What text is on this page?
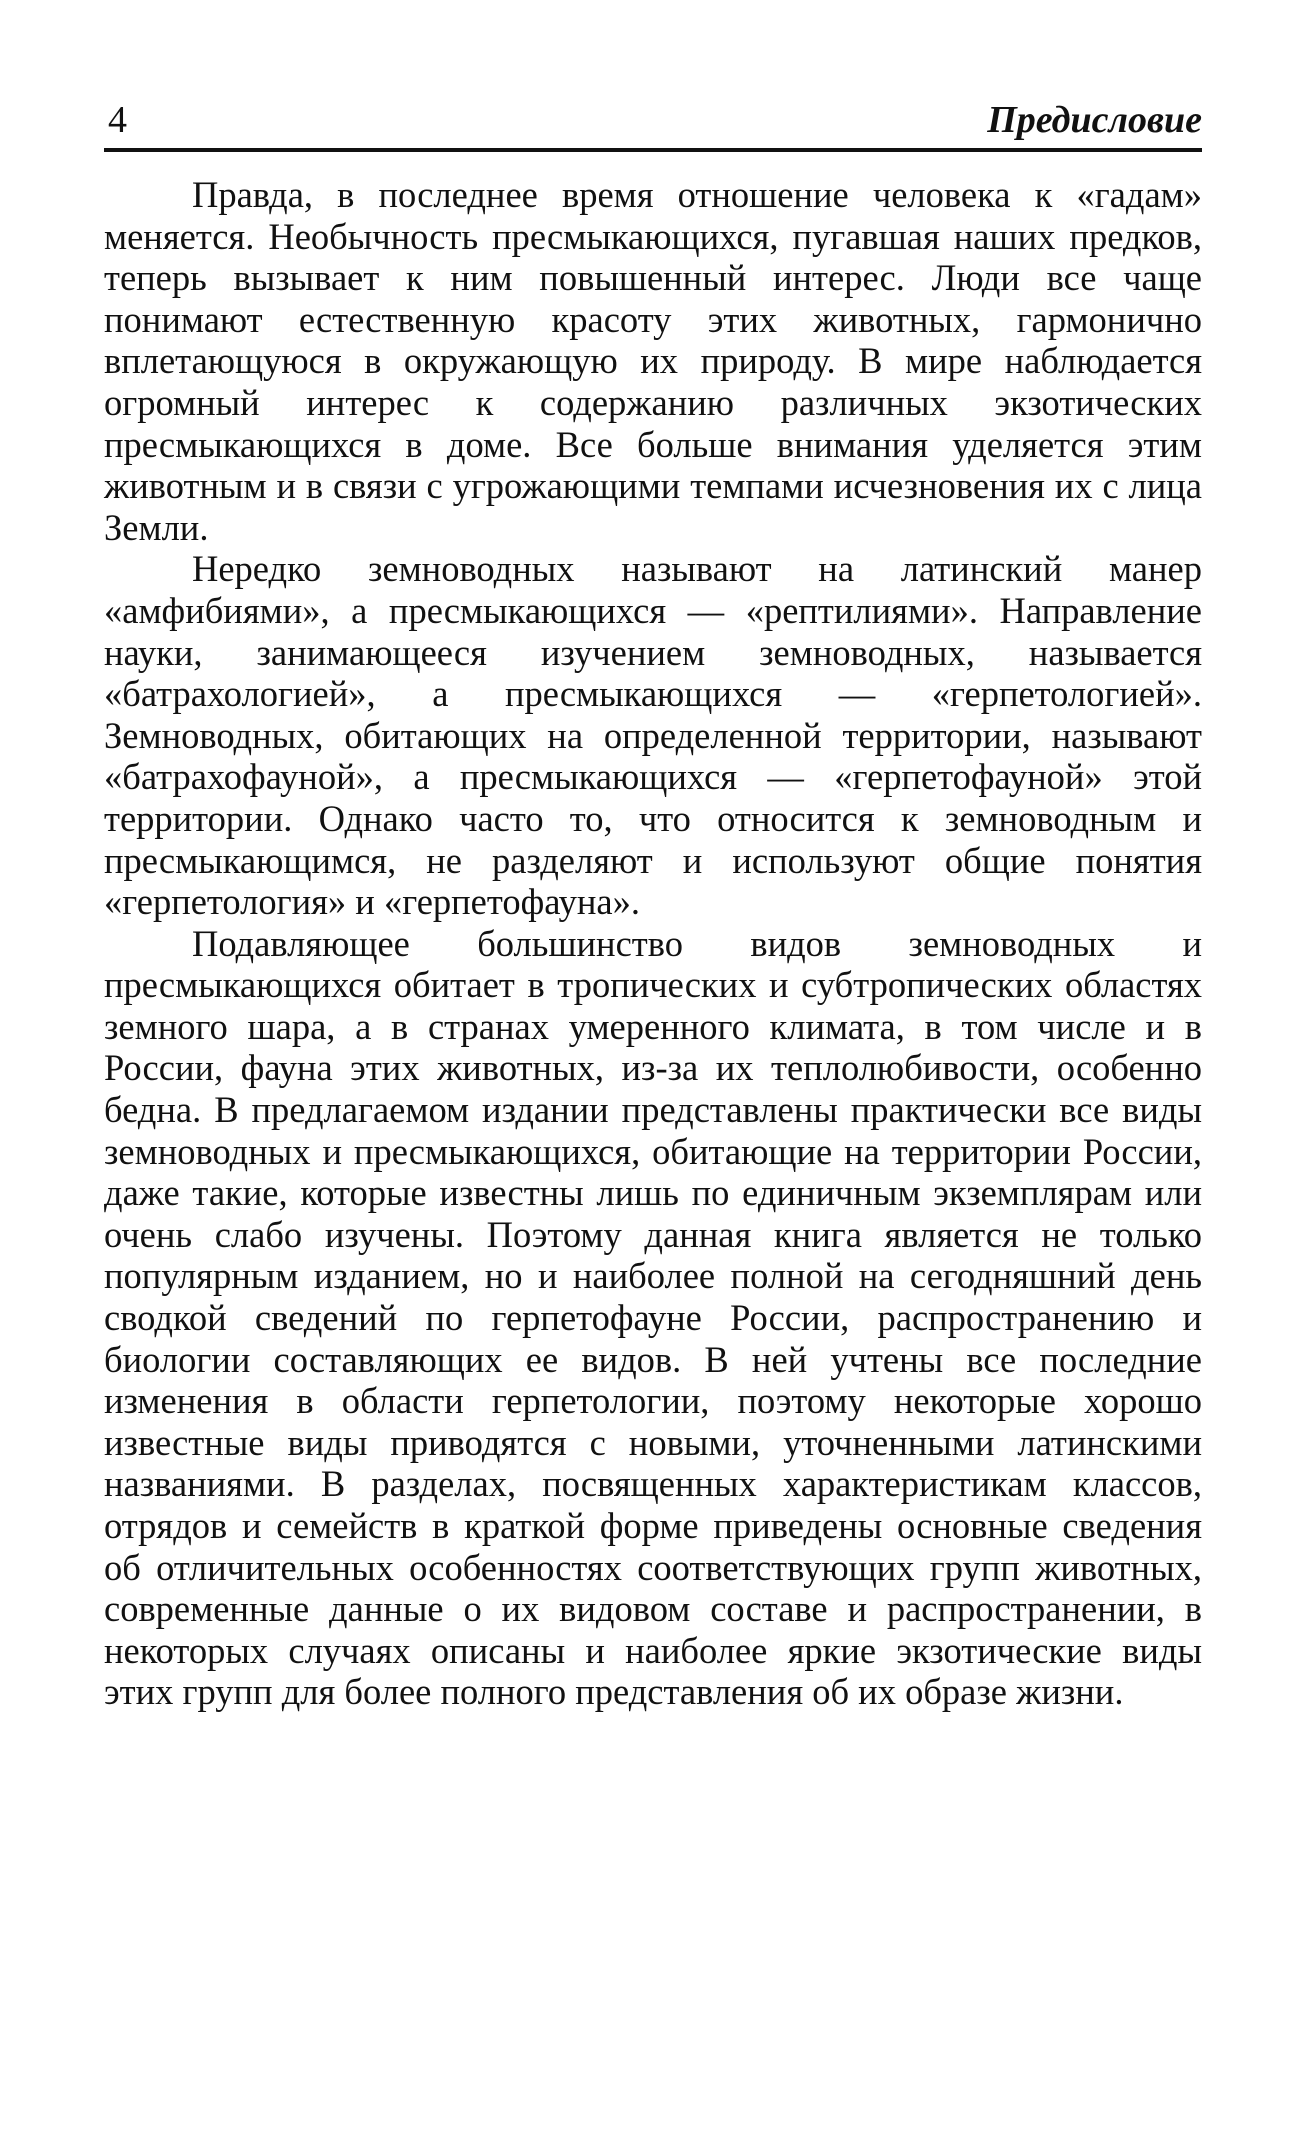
4	Предисловие

Правда, в последнее время отношение человека к «гадам» меняется. Необычность пресмыкающихся, пугавшая наших предков, теперь вызывает к ним повышенный интерес. Люди все чаще понимают естественную красоту этих животных, гармонично вплетающуюся в окружающую их природу. В мире наблюдается огромный интерес к содержанию различных экзотических пресмыкающихся в доме. Все больше внимания уделяется этим животным и в связи с угрожающими темпами исчезновения их с лица Земли.

Нередко земноводных называют на латинский манер «амфибиями», а пресмыкающихся — «рептилиями». Направление науки, занимающееся изучением земноводных, называется «батрахологией», а пресмыкающихся — «герпетологией». Земноводных, обитающих на определенной территории, называют «батрахофауной», а пресмыкающихся — «герпетофауной» этой территории. Однако часто то, что относится к земноводным и пресмыкающимся, не разделяют и используют общие понятия «герпетология» и «герпетофауна».

Подавляющее большинство видов земноводных и пресмыкающихся обитает в тропических и субтропических областях земного шара, а в странах умеренного климата, в том числе и в России, фауна этих животных, из-за их теплолюбивости, особенно бедна. В предлагаемом издании представлены практически все виды земноводных и пресмыкающихся, обитающие на территории России, даже такие, которые известны лишь по единичным экземплярам или очень слабо изучены. Поэтому данная книга является не только популярным изданием, но и наиболее полной на сегодняшний день сводкой сведений по герпетофауне России, распространению и биологии составляющих ее видов. В ней учтены все последние изменения в области герпетологии, поэтому некоторые хорошо известные виды приводятся с новыми, уточненными латинскими названиями. В разделах, посвященных характеристикам классов, отрядов и семейств в краткой форме приведены основные сведения об отличительных особенностях соответствующих групп животных, современные данные о их видовом составе и распространении, в некоторых случаях описаны и наиболее яркие экзотические виды этих групп для более полного представления об их образе жизни.
